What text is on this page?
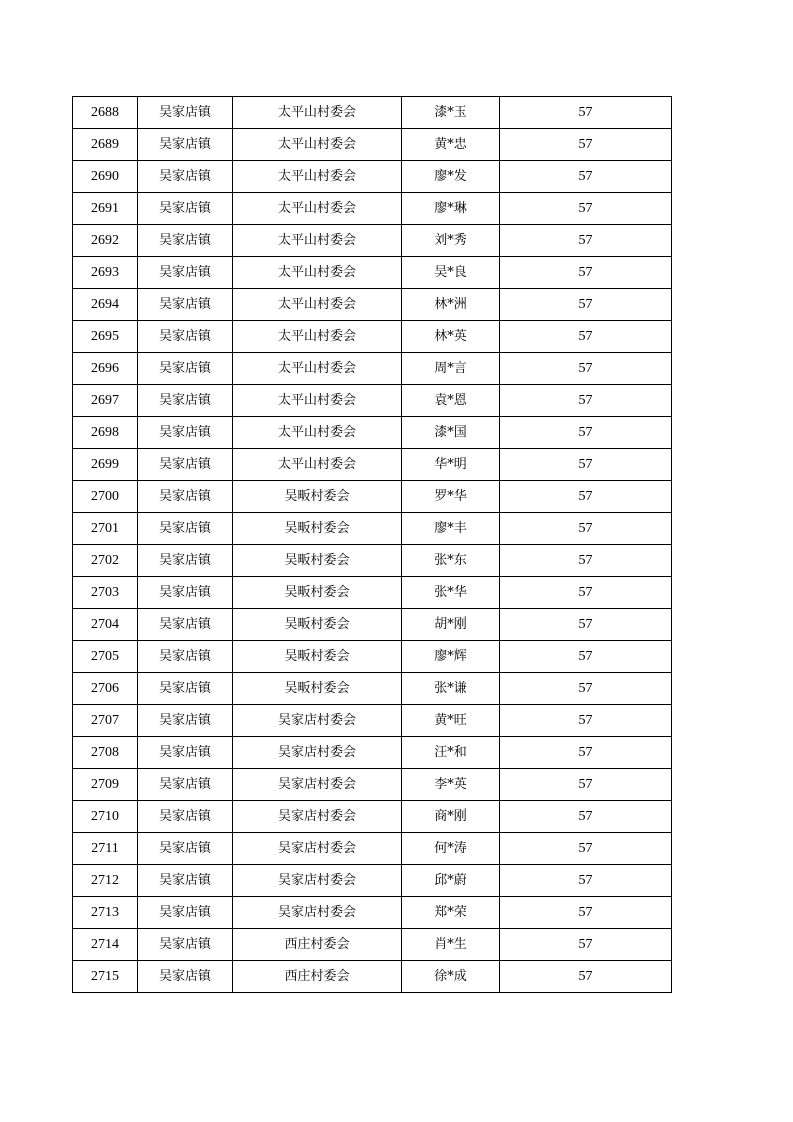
2688	吴家店镇	太平山村委会	漆*玉	57
2689	吴家店镇	太平山村委会	黄*忠	57
2690	吴家店镇	太平山村委会	廖*发	57
2691	吴家店镇	太平山村委会	廖*琳	57
2692	吴家店镇	太平山村委会	刘*秀	57
2693	吴家店镇	太平山村委会	吴*良	57
2694	吴家店镇	太平山村委会	林*洲	57
2695	吴家店镇	太平山村委会	林*英	57
2696	吴家店镇	太平山村委会	周*言	57
2697	吴家店镇	太平山村委会	袁*恩	57
2698	吴家店镇	太平山村委会	漆*国	57
2699	吴家店镇	太平山村委会	华*明	57
2700	吴家店镇	吴畈村委会	罗*华	57
2701	吴家店镇	吴畈村委会	廖*丰	57
2702	吴家店镇	吴畈村委会	张*东	57
2703	吴家店镇	吴畈村委会	张*华	57
2704	吴家店镇	吴畈村委会	胡*刚	57
2705	吴家店镇	吴畈村委会	廖*辉	57
2706	吴家店镇	吴畈村委会	张*谦	57
2707	吴家店镇	吴家店村委会	黄*旺	57
2708	吴家店镇	吴家店村委会	汪*和	57
2709	吴家店镇	吴家店村委会	李*英	57
2710	吴家店镇	吴家店村委会	商*刚	57
2711	吴家店镇	吴家店村委会	何*涛	57
2712	吴家店镇	吴家店村委会	邱*蔚	57
2713	吴家店镇	吴家店村委会	郑*荣	57
2714	吴家店镇	西庄村委会	肖*生	57
2715	吴家店镇	西庄村委会	徐*成	57
